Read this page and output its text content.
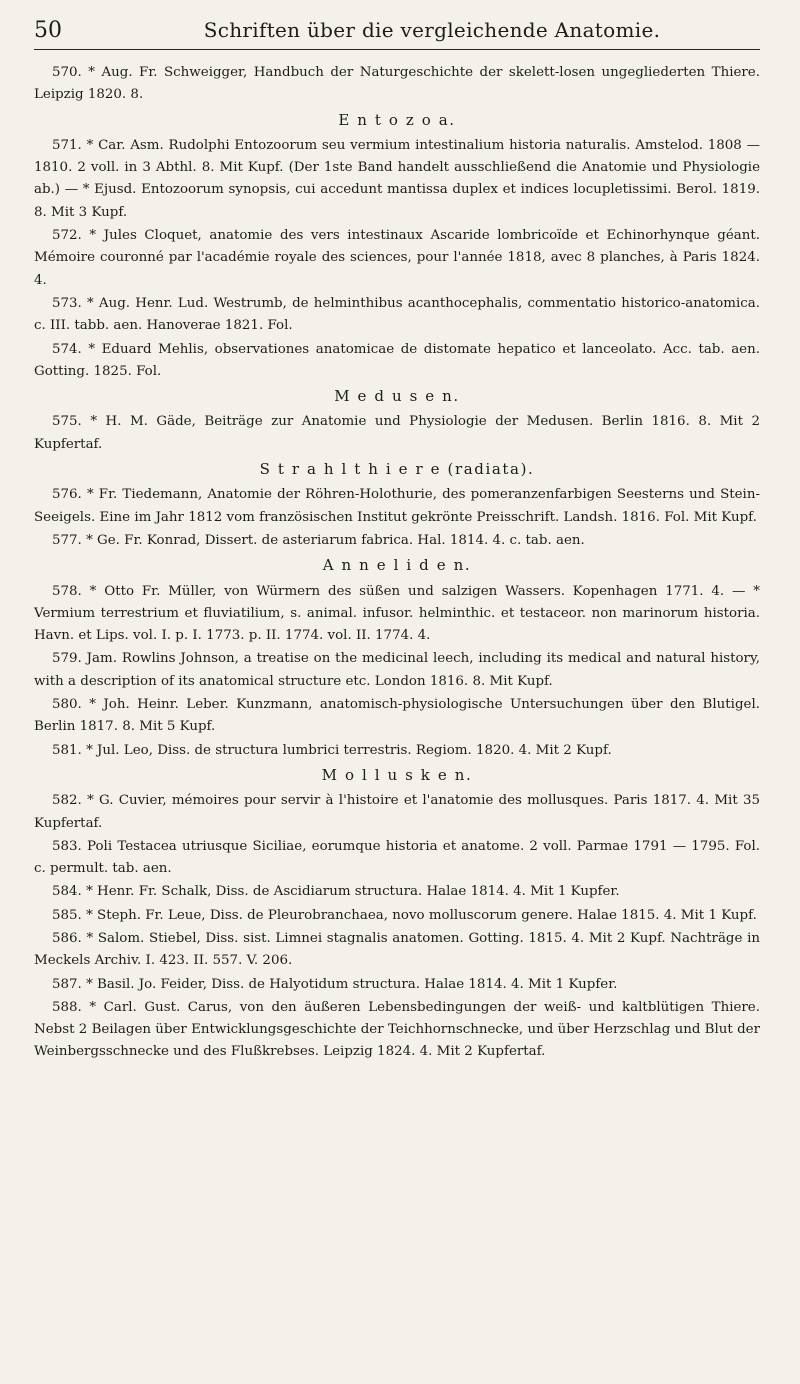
50	Schriften über die vergleichende Anatomie.

570. * Aug. Fr. Schweigger, Handbuch der Naturgeschichte der skelett-losen ungegliederten Thiere. Leipzig 1820. 8.

E n t o z o a.

571. * Car. Asm. Rudolphi Entozoorum seu vermium intestinalium historia naturalis. Amstelod. 1808 — 1810. 2 voll. in 3 Abthl. 8. Mit Kupf. (Der 1ste Band handelt ausschließend die Anatomie und Physiologie ab.) — * Ejusd. Entozoorum synopsis, cui accedunt mantissa duplex et indices locupletissimi. Berol. 1819. 8. Mit 3 Kupf.

572. * Jules Cloquet, anatomie des vers intestinaux Ascaride lombricoïde et Echinorhynque géant. Mémoire couronné par l'académie royale des sciences, pour l'année 1818, avec 8 planches, à Paris 1824. 4.

573. * Aug. Henr. Lud. Westrumb, de helminthibus acanthocephalis, commentatio historico-anatomica. c. III. tabb. aen. Hanoverae 1821. Fol.

574. * Eduard Mehlis, observationes anatomicae de distomate hepatico et lanceolato. Acc. tab. aen. Gotting. 1825. Fol.

M e d u s e n.

575. * H. M. Gäde, Beiträge zur Anatomie und Physiologie der Medusen. Berlin 1816. 8. Mit 2 Kupfertaf.

S t r a h l t h i e r e (radiata).

576. * Fr. Tiedemann, Anatomie der Röhren-Holothurie, des pomeranzenfarbigen Seesterns und Stein-Seeigels. Eine im Jahr 1812 vom französischen Institut gekrönte Preisschrift. Landsh. 1816. Fol. Mit Kupf.

577. * Ge. Fr. Konrad, Dissert. de asteriarum fabrica. Hal. 1814. 4. c. tab. aen.

A n n e l i d e n.

578. * Otto Fr. Müller, von Würmern des süßen und salzigen Wassers. Kopenhagen 1771. 4. — * Vermium terrestrium et fluviatilium, s. animal. infusor. helminthic. et testaceor. non marinorum historia. Havn. et Lips. vol. I. p. I. 1773. p. II. 1774. vol. II. 1774. 4.

579. Jam. Rowlins Johnson, a treatise on the medicinal leech, including its medical and natural history, with a description of its anatomical structure etc. London 1816. 8. Mit Kupf.

580. * Joh. Heinr. Leber. Kunzmann, anatomisch-physiologische Untersuchungen über den Blutigel. Berlin 1817. 8. Mit 5 Kupf.

581. * Jul. Leo, Diss. de structura lumbrici terrestris. Regiom. 1820. 4. Mit 2 Kupf.

M o l l u s k e n.

582. * G. Cuvier, mémoires pour servir à l'histoire et l'anatomie des mollusques. Paris 1817. 4. Mit 35 Kupfertaf.

583. Poli Testacea utriusque Siciliae, eorumque historia et anatome. 2 voll. Parmae 1791 — 1795. Fol. c. permult. tab. aen.

584. * Henr. Fr. Schalk, Diss. de Ascidiarum structura. Halae 1814. 4. Mit 1 Kupfer.

585. * Steph. Fr. Leue, Diss. de Pleurobranchaea, novo molluscorum genere. Halae 1815. 4. Mit 1 Kupf.

586. * Salom. Stiebel, Diss. sist. Limnei stagnalis anatomen. Gotting. 1815. 4. Mit 2 Kupf. Nachträge in Meckels Archiv. I. 423. II. 557. V. 206.

587. * Basil. Jo. Feider, Diss. de Halyotidum structura. Halae 1814. 4. Mit 1 Kupfer.

588. * Carl. Gust. Carus, von den äußeren Lebensbedingungen der weiß- und kaltblütigen Thiere. Nebst 2 Beilagen über Entwicklungsgeschichte der Teichhornschnecke, und über Herzschlag und Blut der Weinbergsschnecke und des Flußkrebses. Leipzig 1824. 4. Mit 2 Kupfertaf.
